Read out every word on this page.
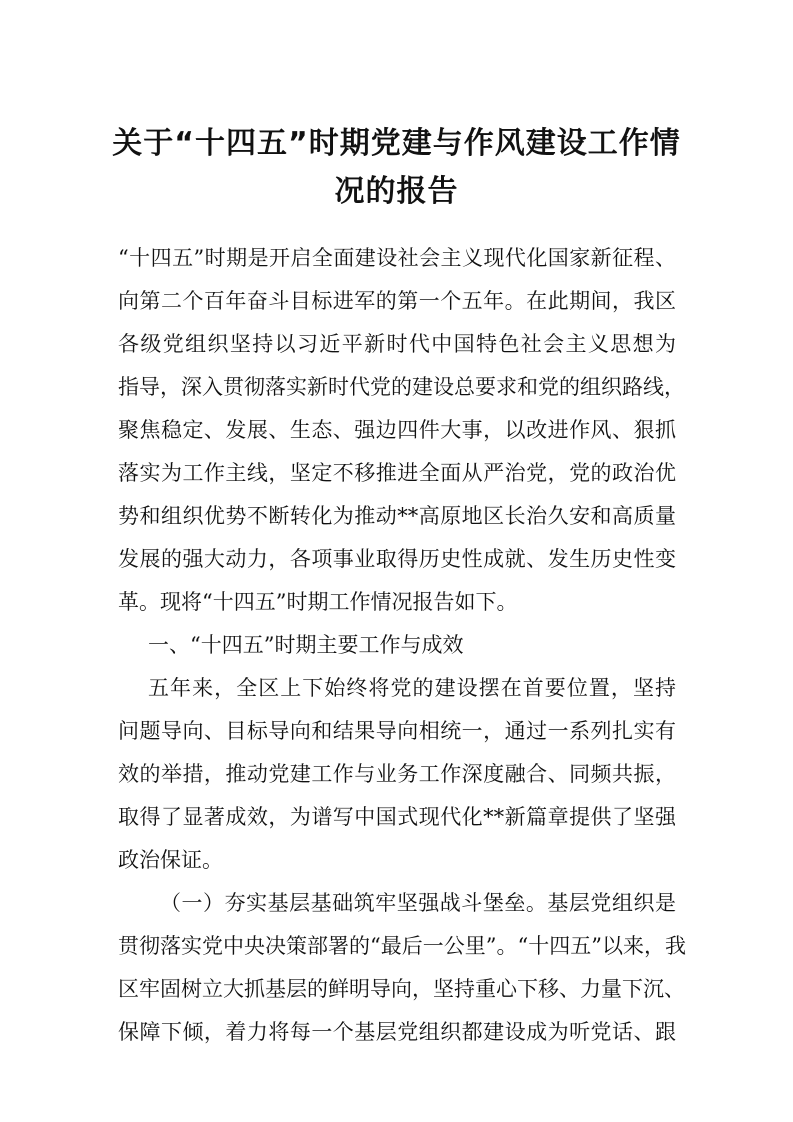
关于“十四五”时期党建与作风建设工作情
况的报告
“十四五”时期是开启全面建设社会主义现代化国家新征程、
向第二个百年奋斗目标进军的第一个五年。在此期间，我区
各级党组织坚持以习近平新时代中国特色社会主义思想为
指导，深入贯彻落实新时代党的建设总要求和党的组织路线，
聚焦稳定、发展、生态、强边四件大事，以改进作风、狠抓
落实为工作主线，坚定不移推进全面从严治党，党的政治优
势和组织优势不断转化为推动**高原地区长治久安和高质量
发展的强大动力，各项事业取得历史性成就、发生历史性变
革。现将“十四五”时期工作情况报告如下。
一、“十四五”时期主要工作与成效
五年来，全区上下始终将党的建设摆在首要位置，坚持
问题导向、目标导向和结果导向相统一，通过一系列扎实有
效的举措，推动党建工作与业务工作深度融合、同频共振，
取得了显著成效，为谱写中国式现代化**新篇章提供了坚强
政治保证。
（一）夯实基层基础筑牢坚强战斗堡垒。基层党组织是
贯彻落实党中央决策部署的“最后一公里”。“十四五”以来，我
区牢固树立大抓基层的鲜明导向，坚持重心下移、力量下沉、
保障下倾，着力将每一个基层党组织都建设成为听党话、跟
